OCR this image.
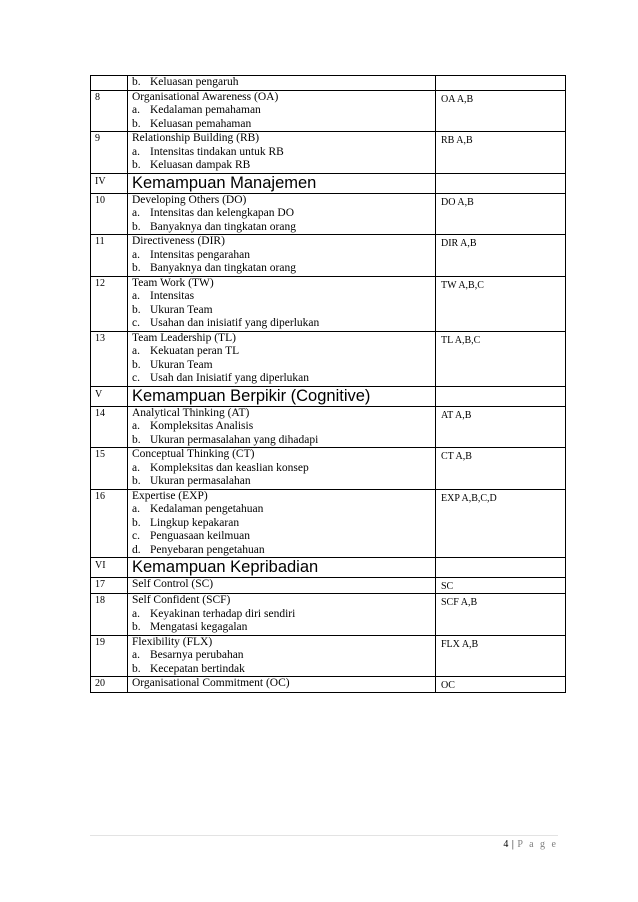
	b. Keluasan pengaruh	

8	Organisational Awareness (OA)
a. Kedalaman pemahaman
b. Keluasan pemahaman	OA A,B
9	Relationship Building (RB)
a. Intensitas tindakan untuk RB
b. Keluasan dampak RB	RB A,B
IV	Kemampuan Manajemen	
10	Developing Others (DO)
a. Intensitas dan kelengkapan DO
b. Banyaknya dan tingkatan orang	DO A,B
11	Directiveness (DIR)
a. Intensitas pengarahan
b. Banyaknya dan tingkatan orang	DIR A,B
12	Team Work (TW)
a. Intensitas
b. Ukuran Team
c. Usahan dan inisiatif yang diperlukan	TW A,B,C
13	Team Leadership (TL)
a. Kekuatan peran TL
b. Ukuran Team
c. Usah dan Inisiatif yang diperlukan	TL A,B,C
V	Kemampuan Berpikir (Cognitive)	
14	Analytical Thinking (AT)
a. Kompleksitas Analisis
b. Ukuran permasalahan yang dihadapi	AT A,B
15	Conceptual Thinking (CT)
a. Kompleksitas dan keaslian konsep
b. Ukuran permasalahan	CT A,B
16	Expertise (EXP)
a. Kedalaman pengetahuan
b. Lingkup kepakaran
c. Penguasaan keilmuan
d. Penyebaran pengetahuan	EXP A,B,C,D
VI	Kemampuan Kepribadian	
17	Self Control (SC)	SC
18	Self Confident (SCF)
a. Keyakinan terhadap diri sendiri
b. Mengatasi kegagalan	SCF A,B
19	Flexibility (FLX)
a. Besarnya perubahan
b. Kecepatan bertindak	FLX A,B
20	Organisational Commitment (OC)	OC
4 | P a g e
